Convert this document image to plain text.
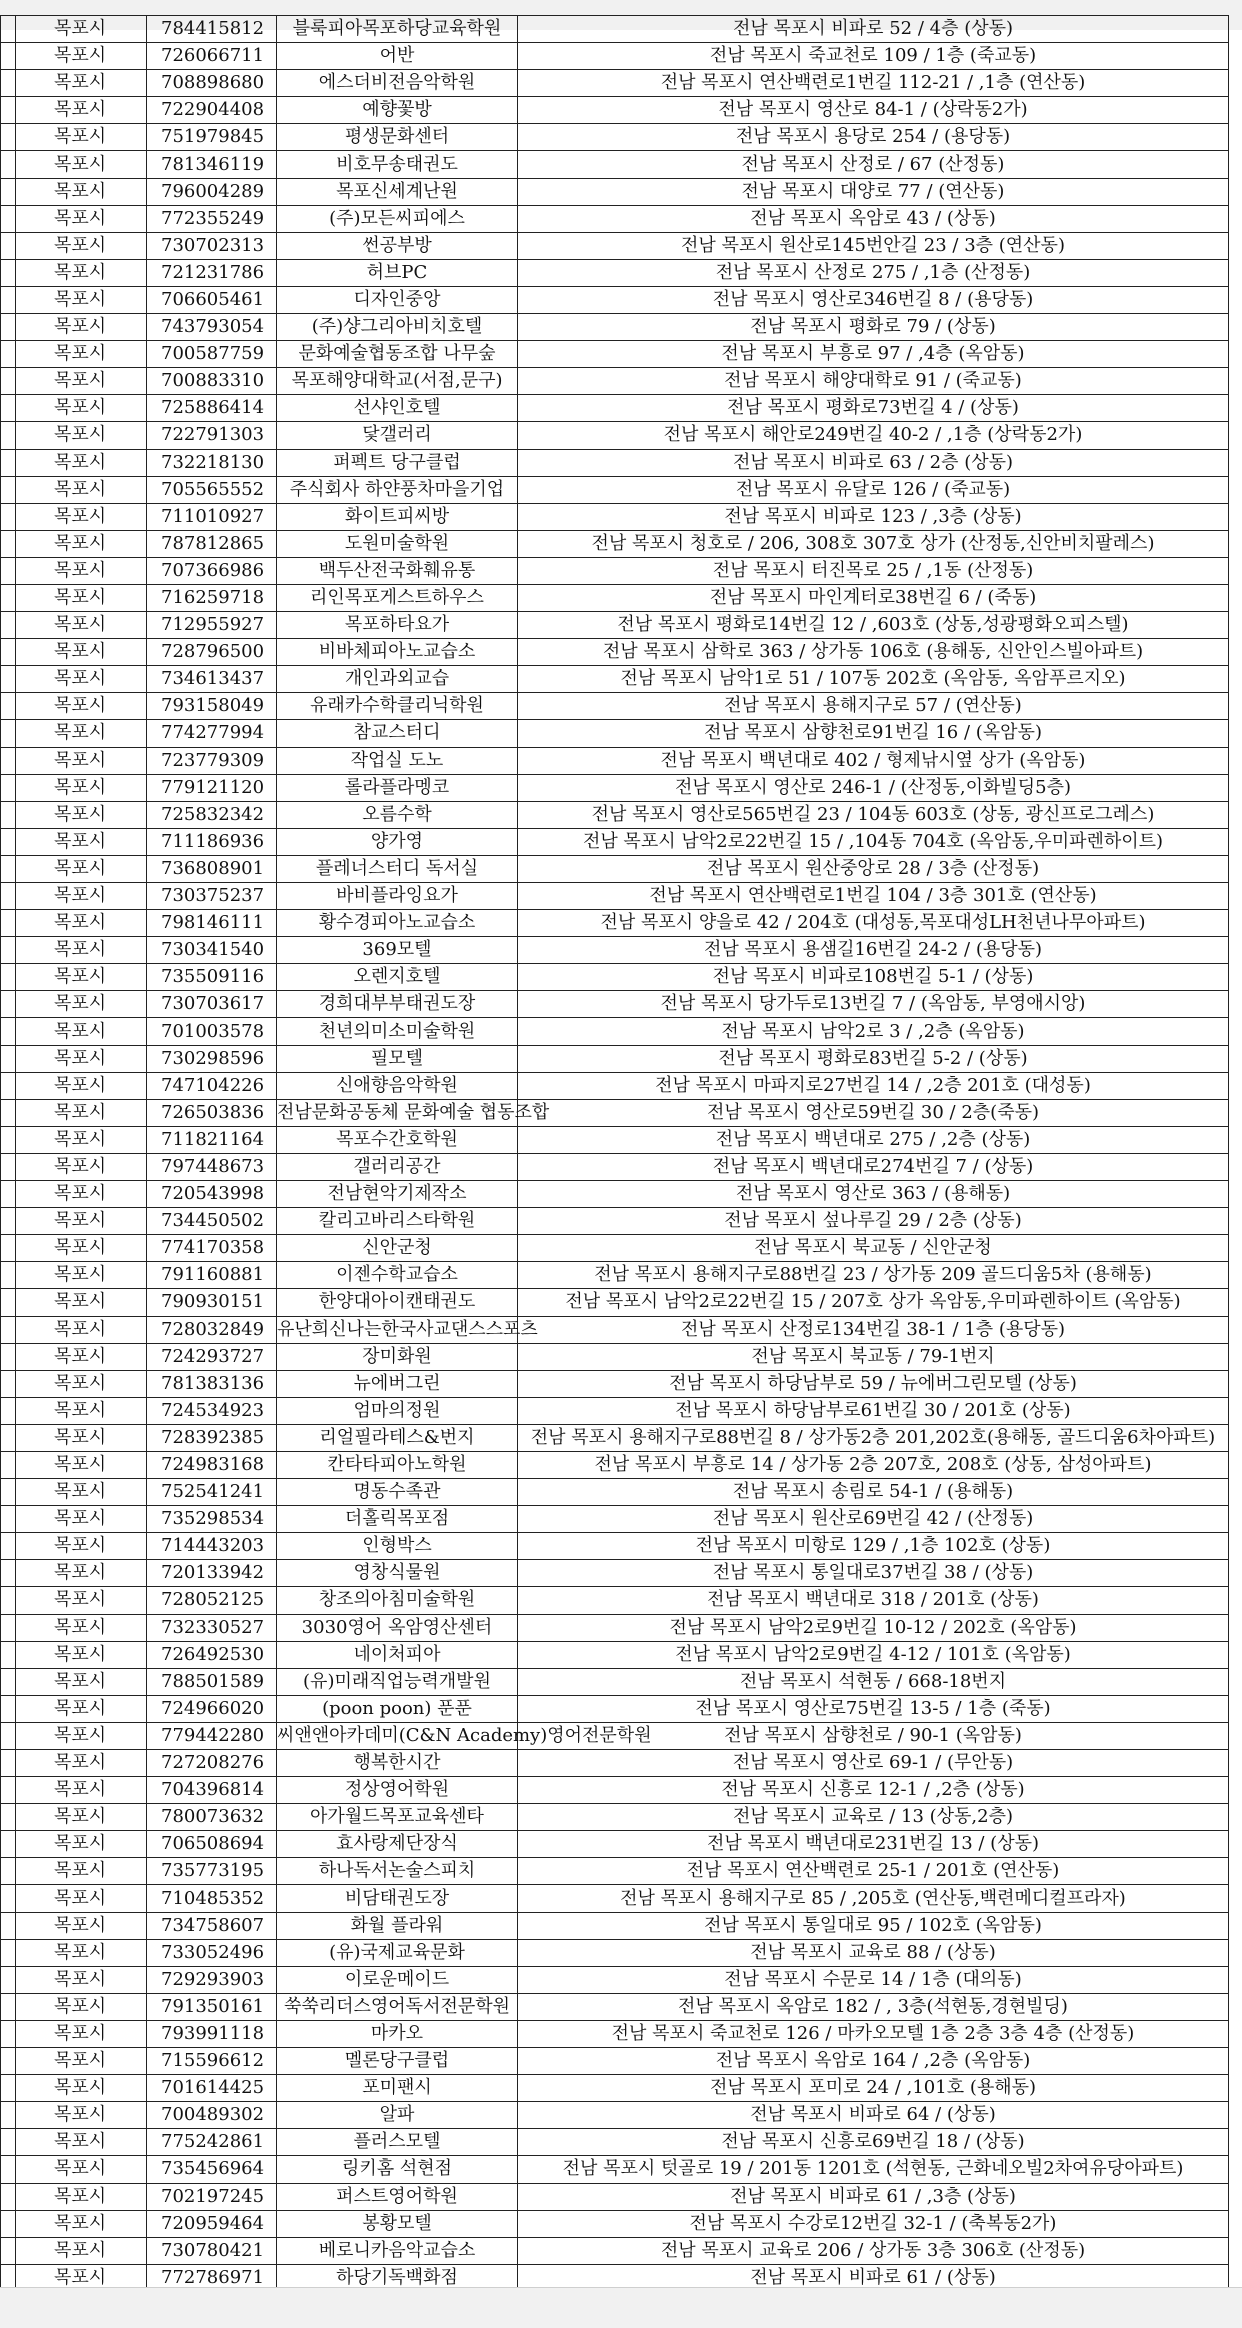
	목포시	784415812	블룩피아목포하당교육학원	전남 목포시 비파로 52 / 4층 (상동)	
	목포시	726066711	어반	전남 목포시 죽교천로 109 / 1층 (죽교동)	
	목포시	708898680	에스더비전음악학원	전남 목포시 연산백련로1번길 112-21 / ,1층 (연산동)	
	목포시	722904408	예향꽃방	전남 목포시 영산로 84-1 / (상락동2가)	
	목포시	751979845	평생문화센터	전남 목포시 용당로 254 / (용당동)	
	목포시	781346119	비호무송태권도	전남 목포시 산정로 / 67 (산정동)	
	목포시	796004289	목포신세계난원	전남 목포시 대양로 77 / (연산동)	
	목포시	772355249	(주)모든씨피에스	전남 목포시 옥암로 43 / (상동)	
	목포시	730702313	썬공부방	전남 목포시 원산로145번안길 23 / 3층 (연산동)	
	목포시	721231786	허브PC	전남 목포시 산정로 275 / ,1층 (산정동)	
	목포시	706605461	디자인중앙	전남 목포시 영산로346번길 8 / (용당동)	
	목포시	743793054	(주)샹그리아비치호텔	전남 목포시 평화로 79 / (상동)	
	목포시	700587759	문화예술협동조합 나무숲	전남 목포시 부흥로 97 / ,4층 (옥암동)	
	목포시	700883310	목포해양대학교(서점,문구)	전남 목포시 해양대학로 91 / (죽교동)	
	목포시	725886414	선샤인호텔	전남 목포시 평화로73번길 4 / (상동)	
	목포시	722791303	닻갤러리	전남 목포시 해안로249번길 40-2 / ,1층 (상락동2가)	
	목포시	732218130	퍼펙트 당구클럽	전남 목포시 비파로 63 / 2층 (상동)	
	목포시	705565552	주식회사 하얀풍차마을기업	전남 목포시 유달로 126 / (죽교동)	
	목포시	711010927	화이트피씨방	전남 목포시 비파로 123 / ,3층 (상동)	
	목포시	787812865	도원미술학원	전남 목포시 청호로 / 206, 308호 307호 상가 (산정동,신안비치팔레스)	
	목포시	707366986	백두산전국화훼유통	전남 목포시 터진목로 25 / ,1동 (산정동)	
	목포시	716259718	리인목포게스트하우스	전남 목포시 마인계터로38번길 6 / (죽동)	
	목포시	712955927	목포하타요가	전남 목포시 평화로14번길 12 / ,603호 (상동,성광평화오피스텔)	
	목포시	728796500	비바체피아노교습소	전남 목포시 삼학로 363 / 상가동 106호 (용해동, 신안인스빌아파트)	
	목포시	734613437	개인과외교습	전남 목포시 남악1로 51 / 107동 202호 (옥암동, 옥암푸르지오)	
	목포시	793158049	유래카수학클리닉학원	전남 목포시 용해지구로 57 / (연산동)	
	목포시	774277994	참교스터디	전남 목포시 삼향천로91번길 16 / (옥암동)	
	목포시	723779309	작업실 도노	전남 목포시 백년대로 402 / 형제낚시옆 상가 (옥암동)	
	목포시	779121120	롤라플라멩코	전남 목포시 영산로 246-1 / (산정동,이화빌딩5층)	
	목포시	725832342	오름수학	전남 목포시 영산로565번길 23 / 104동 603호 (상동, 광신프로그레스)	
	목포시	711186936	양가영	전남 목포시 남악2로22번길 15 / ,104동 704호 (옥암동,우미파렌하이트)	
	목포시	736808901	플레너스터디 독서실	전남 목포시 원산중앙로 28 / 3층 (산정동)	
	목포시	730375237	바비플라잉요가	전남 목포시 연산백련로1번길 104 / 3층 301호 (연산동)	
	목포시	798146111	황수경피아노교습소	전남 목포시 양을로 42 / 204호 (대성동,목포대성LH천년나무아파트)	
	목포시	730341540	369모텔	전남 목포시 용샘길16번길 24-2 / (용당동)	
	목포시	735509116	오렌지호텔	전남 목포시 비파로108번길 5-1 / (상동)	
	목포시	730703617	경희대부부태권도장	전남 목포시 당가두로13번길 7 / (옥암동, 부영애시앙)	
	목포시	701003578	천년의미소미술학원	전남 목포시 남악2로 3 / ,2층 (옥암동)	
	목포시	730298596	필모텔	전남 목포시 평화로83번길 5-2 / (상동)	
	목포시	747104226	신애향음악학원	전남 목포시 마파지로27번길 14 / ,2층 201호 (대성동)	
	목포시	726503836	전남문화공동체 문화예술 협동조합	전남 목포시 영산로59번길 30 / 2층(죽동)	
	목포시	711821164	목포수간호학원	전남 목포시 백년대로 275 / ,2층 (상동)	
	목포시	797448673	갤러리공간	전남 목포시 백년대로274번길 7 / (상동)	
	목포시	720543998	전남현악기제작소	전남 목포시 영산로 363 / (용해동)	
	목포시	734450502	칼리고바리스타학원	전남 목포시 섶나루길 29 / 2층 (상동)	
	목포시	774170358	신안군청	전남 목포시 북교동 / 신안군청	
	목포시	791160881	이젠수학교습소	전남 목포시 용해지구로88번길 23 / 상가동 209 골드디움5차 (용해동)	
	목포시	790930151	한양대아이캔태권도	전남 목포시 남악2로22번길 15 / 207호 상가 옥암동,우미파렌하이트 (옥암동)	
	목포시	728032849	유난희신나는한국사교댄스스포츠	전남 목포시 산정로134번길 38-1 / 1층 (용당동)	
	목포시	724293727	장미화원	전남 목포시 북교동 / 79-1번지	
	목포시	781383136	뉴에버그린	전남 목포시 하당남부로 59 / 뉴에버그린모텔 (상동)	
	목포시	724534923	엄마의정원	전남 목포시 하당남부로61번길 30 / 201호 (상동)	
	목포시	728392385	리얼필라테스&번지	전남 목포시 용해지구로88번길 8 / 상가동2층 201,202호(용해동, 골드디움6차아파트)	
	목포시	724983168	칸타타피아노학원	전남 목포시 부흥로 14 / 상가동 2층 207호, 208호 (상동, 삼성아파트)	
	목포시	752541241	명동수족관	전남 목포시 송림로 54-1 / (용해동)	
	목포시	735298534	더홀릭목포점	전남 목포시 원산로69번길 42 / (산정동)	
	목포시	714443203	인형박스	전남 목포시 미항로 129 / ,1층 102호 (상동)	
	목포시	720133942	영창식물원	전남 목포시 통일대로37번길 38 / (상동)	
	목포시	728052125	창조의아침미술학원	전남 목포시 백년대로 318 / 201호 (상동)	
	목포시	732330527	3030영어 옥암영산센터	전남 목포시 남악2로9번길 10-12 / 202호 (옥암동)	
	목포시	726492530	네이처피아	전남 목포시 남악2로9번길 4-12 / 101호 (옥암동)	
	목포시	788501589	(유)미래직업능력개발원	전남 목포시 석현동 / 668-18번지	
	목포시	724966020	(poon poon) 푼푼	전남 목포시 영산로75번길 13-5 / 1층 (죽동)	
	목포시	779442280	씨앤앤아카데미(C&N Academy)영어전문학원	전남 목포시 삼향천로 / 90-1 (옥암동)	
	목포시	727208276	행복한시간	전남 목포시 영산로 69-1 / (무안동)	
	목포시	704396814	정상영어학원	전남 목포시 신흥로 12-1 / ,2층 (상동)	
	목포시	780073632	아가월드목포교육센타	전남 목포시 교육로 / 13 (상동,2층)	
	목포시	706508694	효사랑제단장식	전남 목포시 백년대로231번길 13 / (상동)	
	목포시	735773195	하나독서논술스피치	전남 목포시 연산백련로 25-1 / 201호 (연산동)	
	목포시	710485352	비담태권도장	전남 목포시 용해지구로 85 / ,205호 (연산동,백련메디컬프라자)	
	목포시	734758607	화월 플라워	전남 목포시 통일대로 95 / 102호 (옥암동)	
	목포시	733052496	(유)국제교육문화	전남 목포시 교육로 88 / (상동)	
	목포시	729293903	이로운메이드	전남 목포시 수문로 14 / 1층 (대의동)	
	목포시	791350161	쑥쑥리더스영어독서전문학원	전남 목포시 옥암로 182 / , 3층(석현동,경현빌딩)	
	목포시	793991118	마카오	전남 목포시 죽교천로 126 / 마카오모텔 1층 2층 3층 4층 (산정동)	
	목포시	715596612	멜론당구클럽	전남 목포시 옥암로 164 / ,2층 (옥암동)	
	목포시	701614425	포미팬시	전남 목포시 포미로 24 / ,101호 (용해동)	
	목포시	700489302	알파	전남 목포시 비파로 64 / (상동)	
	목포시	775242861	플러스모텔	전남 목포시 신흥로69번길 18 / (상동)	
	목포시	735456964	링키홈 석현점	전남 목포시 텃골로 19 / 201동 1201호 (석현동, 근화네오빌2차여유당아파트)	
	목포시	702197245	퍼스트영어학원	전남 목포시 비파로 61 / ,3층 (상동)	
	목포시	720959464	봉황모텔	전남 목포시 수강로12번길 32-1 / (축복동2가)	
	목포시	730780421	베로니카음악교습소	전남 목포시 교육로 206 / 상가동 3층 306호 (산정동)	
	목포시	772786971	하당기독백화점	전남 목포시 비파로 61 / (상동)	
